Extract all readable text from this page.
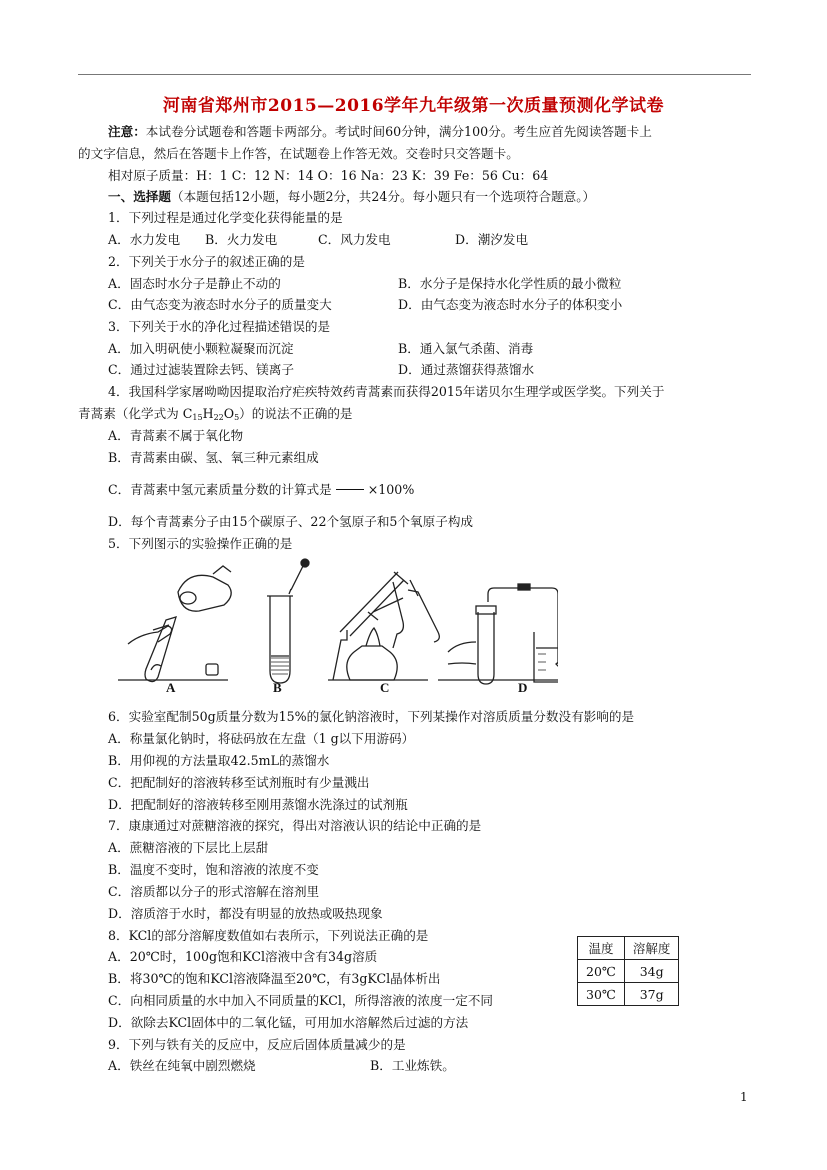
河南省郑州市2015—2016学年九年级第一次质量预测化学试卷
注意：本试卷分试题卷和答题卡两部分。考试时间60分钟，满分100分。考生应首先阅读答题卡上
的文字信息，然后在答题卡上作答，在试题卷上作答无效。交卷时只交答题卡。
相对原子质量：H：1 C：12 N：14 O：16 Na：23 K：39 Fe：56 Cu：64
一、选择题（本题包括12小题，每小题2分，共24分。每小题只有一个选项符合题意。）
1．下列过程是通过化学变化获得能量的是
A．水力发电 B．火力发电	C．风力发电	D．潮汐发电
2．下列关于水分子的叙述正确的是
A．固态时水分子是静止不动的	B．水分子是保持水化学性质的最小微粒
C．由气态变为液态时水分子的质量变大	D．由气态变为液态时水分子的体积变小
3．下列关于水的净化过程描述错误的是
A．加入明矾使小颗粒凝聚而沉淀	B．通入氯气杀菌、消毒
C．通过过滤装置除去钙、镁离子	D．通过蒸馏获得蒸馏水
4．我国科学家屠呦呦因提取治疗疟疾特效药青蒿素而获得2015年诺贝尔生理学或医学奖。下列关于
青蒿素（化学式为 $C_{15}H_{22}O_5$）的说法不正确的是
A．青蒿素不属于氧化物
B．青蒿素由碳、氢、氧三种元素组成
C．青蒿素中氢元素质量分数的计算式是	×100%
D．每个青蒿素分子由15个碳原子、22个氢原子和5个氧原子构成
5．下列图示的实验操作正确的是
A	B	C	D
6．实验室配制50g质量分数为15%的氯化钠溶液时，下列某操作对溶质质量分数没有影响的是
A．称量氯化钠时，将砝码放在左盘（1 g以下用游码）
B．用仰视的方法量取42.5mL的蒸馏水
C．把配制好的溶液转移至试剂瓶时有少量溅出
D．把配制好的溶液转移至刚用蒸馏水洗涤过的试剂瓶
7．康康通过对蔗糖溶液的探究，得出对溶液认识的结论中正确的是
A．蔗糖溶液的下层比上层甜
B．温度不变时，饱和溶液的浓度不变
C．溶质都以分子的形式溶解在溶剂里
D．溶质溶于水时，都没有明显的放热或吸热现象
8．KCl的部分溶解度数值如右表所示，下列说法正确的是
A．20℃时，100g饱和KCl溶液中含有34g溶质
B．将30℃的饱和KCl溶液降温至20℃，有3gKCl晶体析出
C．向相同质量的水中加入不同质量的KCl，所得溶液的浓度一定不同
D．欲除去KCl固体中的二氧化锰，可用加水溶解然后过滤的方法
温度	溶解度
20℃	34g
30℃	37g
9．下列与铁有关的反应中，反应后固体质量减少的是
A．铁丝在纯氧中剧烈燃烧	B．工业炼铁。
1
